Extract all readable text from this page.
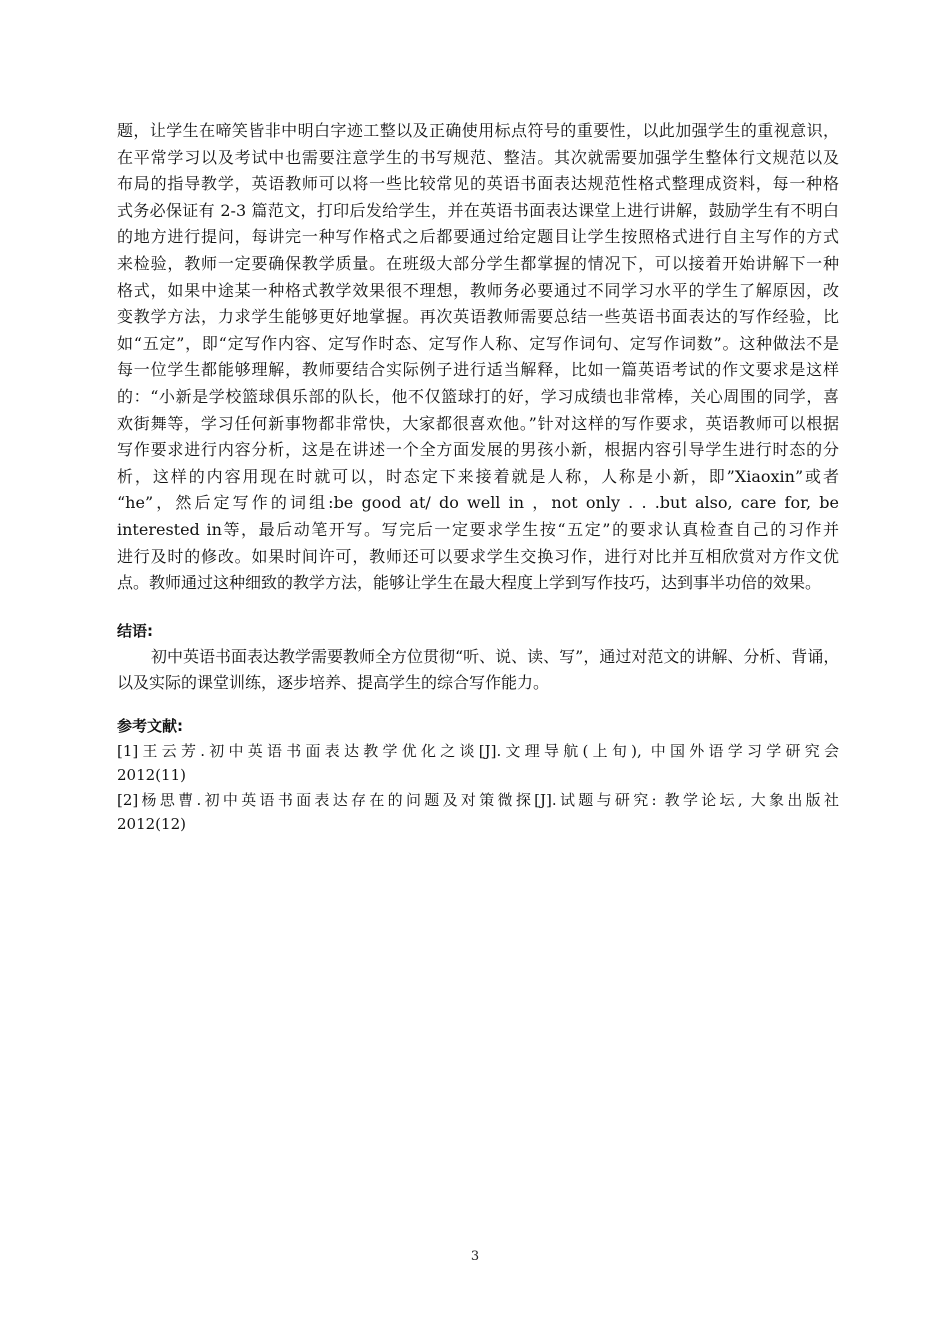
题，让学生在啼笑皆非中明白字迹工整以及正确使用标点符号的重要性，以此加强学生的重视意识，
在平常学习以及考试中也需要注意学生的书写规范、整洁。其次就需要加强学生整体行文规范以及
布局的指导教学，英语教师可以将一些比较常见的英语书面表达规范性格式整理成资料，每一种格
式务必保证有 2-3 篇范文，打印后发给学生，并在英语书面表达课堂上进行讲解，鼓励学生有不明白
的地方进行提问，每讲完一种写作格式之后都要通过给定题目让学生按照格式进行自主写作的方式
来检验，教师一定要确保教学质量。在班级大部分学生都掌握的情况下，可以接着开始讲解下一种
格式，如果中途某一种格式教学效果很不理想，教师务必要通过不同学习水平的学生了解原因，改
变教学方法，力求学生能够更好地掌握。再次英语教师需要总结一些英语书面表达的写作经验，比
如“五定”，即“定写作内容、定写作时态、定写作人称、定写作词句、定写作词数”。这种做法不是
每一位学生都能够理解，教师要结合实际例子进行适当解释，比如一篇英语考试的作文要求是这样
的：“小新是学校篮球俱乐部的队长，他不仅篮球打的好，学习成绩也非常棒，关心周围的同学，喜
欢街舞等，学习任何新事物都非常快，大家都很喜欢他。”针对这样的写作要求，英语教师可以根据
写作要求进行内容分析，这是在讲述一个全方面发展的男孩小新，根据内容引导学生进行时态的分
析，这样的内容用现在时就可以，时态定下来接着就是人称，人称是小新，即”Xiaoxin”或者
“he”，然后定写作的词组:be good at/ do well in ，not only . . .but also, care for, be
interested in等，最后动笔开写。写完后一定要求学生按“五定”的要求认真检查自己的习作并
进行及时的修改。如果时间许可，教师还可以要求学生交换习作，进行对比并互相欣赏对方作文优
点。教师通过这种细致的教学方法，能够让学生在最大程度上学到写作技巧，达到事半功倍的效果。
结语:
初中英语书面表达教学需要教师全方位贯彻“听、说、读、写”，通过对范文的讲解、分析、背诵，
以及实际的课堂训练，逐步培养、提高学生的综合写作能力。
参考文献:
[1]王云芳.初中英语书面表达教学优化之谈[J].文理导航(上旬), 中国外语学习学研究会
2012(11)
[2]杨思曹.初中英语书面表达存在的问题及对策微探[J].试题与研究: 教学论坛, 大象出版社
2012(12)
3
